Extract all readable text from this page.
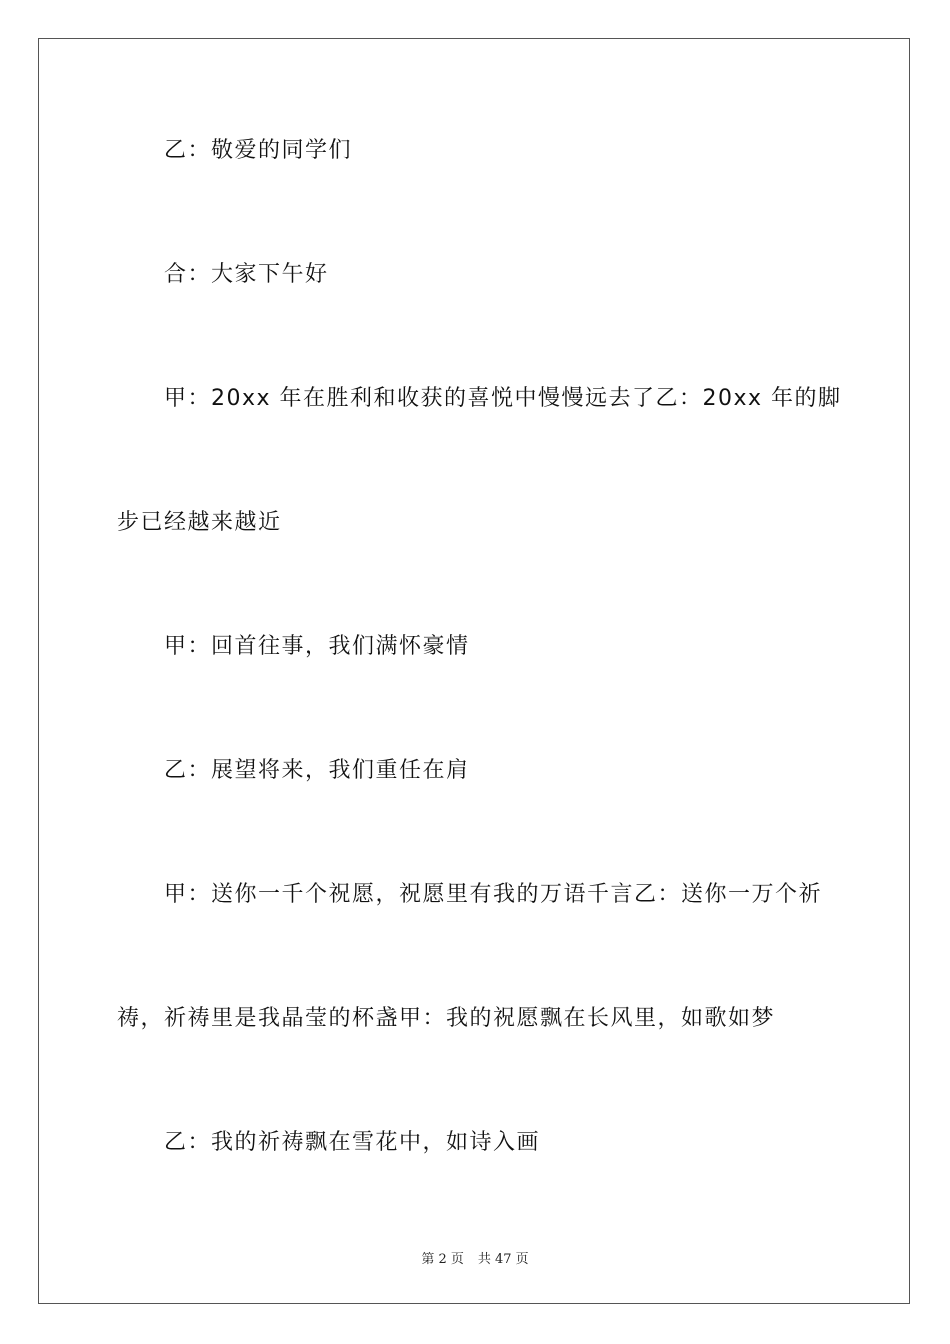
乙：敬爱的同学们
合：大家下午好
甲：20xx 年在胜利和收获的喜悦中慢慢远去了乙：20xx 年的脚
步已经越来越近
甲：回首往事，我们满怀豪情
乙：展望将来，我们重任在肩
甲：送你一千个祝愿，祝愿里有我的万语千言乙：送你一万个祈
祷，祈祷里是我晶莹的杯盏甲：我的祝愿飘在长风里，如歌如梦
乙：我的祈祷飘在雪花中，如诗入画
第 2 页 共 47 页
